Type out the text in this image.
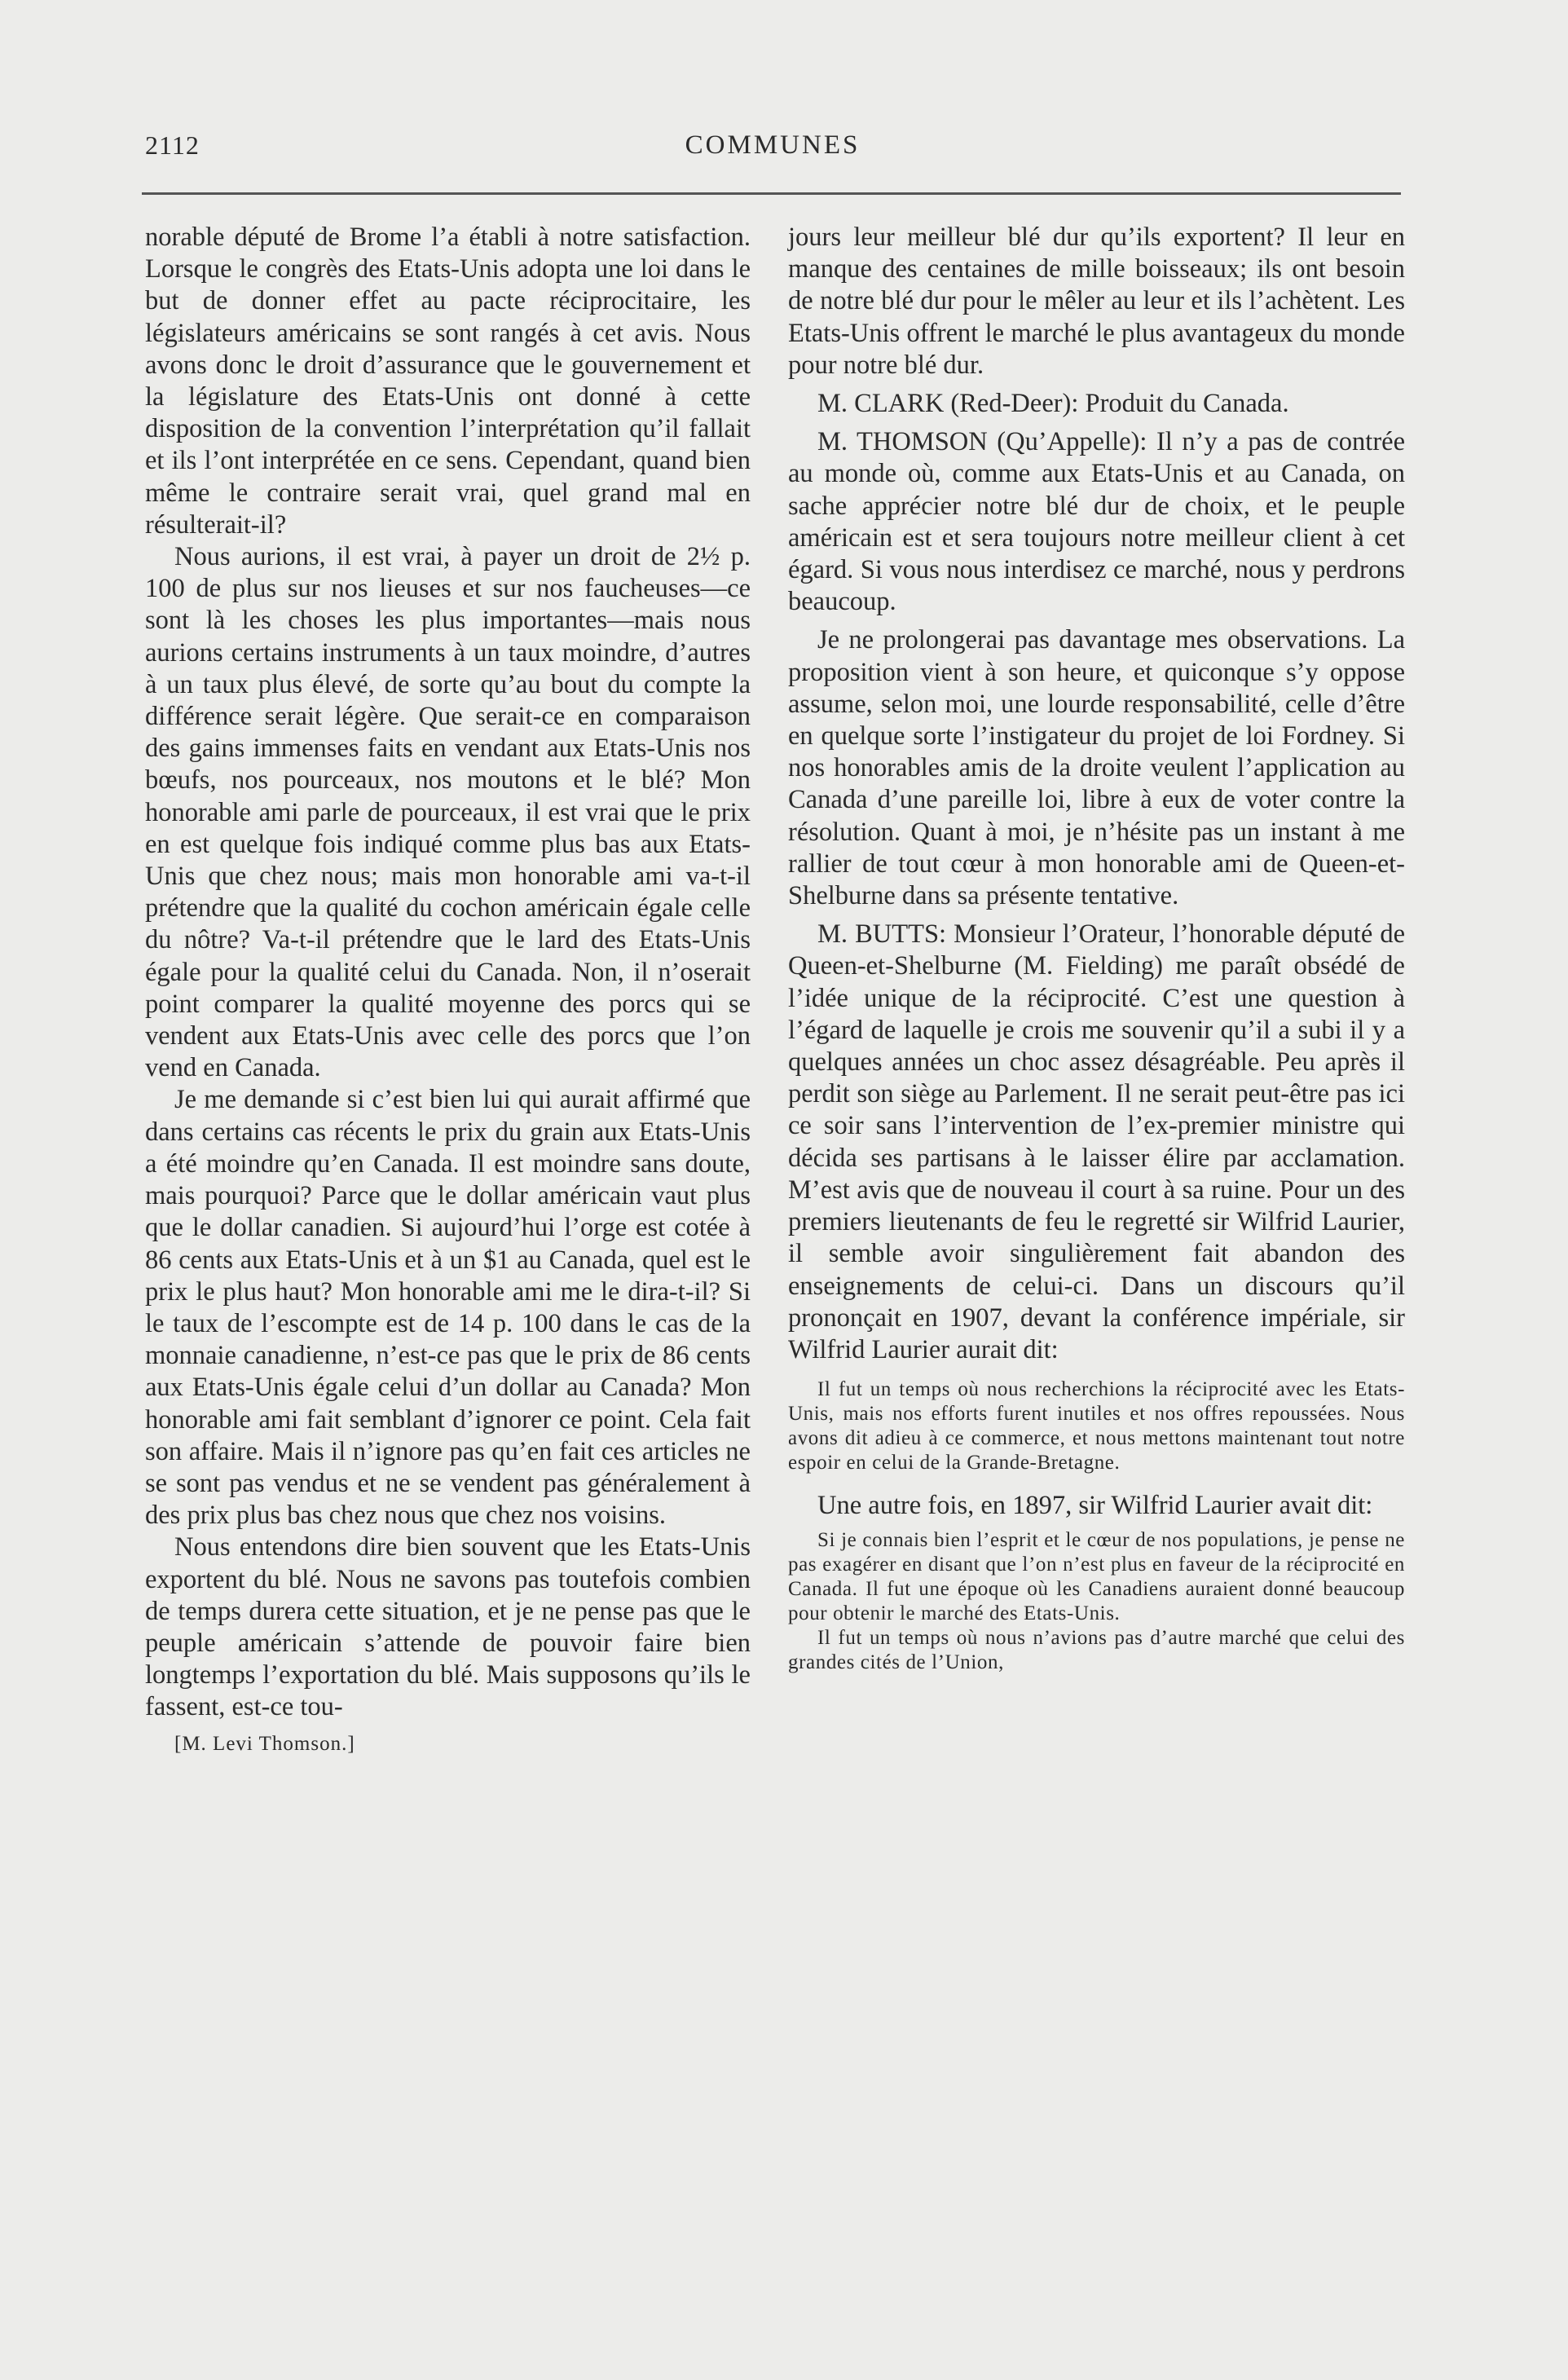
2112	COMMUNES

norable député de Brome l’a établi à notre satisfaction. Lorsque le congrès des Etats-Unis adopta une loi dans le but de donner effet au pacte réciprocitaire, les législateurs américains se sont rangés à cet avis. Nous avons donc le droit d’assurance que le gouvernement et la législature des Etats-Unis ont donné à cette disposition de la convention l’interprétation qu’il fallait et ils l’ont interprétée en ce sens. Cependant, quand bien même le contraire serait vrai, quel grand mal en résulterait-il?

Nous aurions, il est vrai, à payer un droit de 2½ p. 100 de plus sur nos lieuses et sur nos faucheuses—ce sont là les choses les plus importantes—mais nous aurions certains instruments à un taux moindre, d’autres à un taux plus élevé, de sorte qu’au bout du compte la différence serait légère. Que serait-ce en comparaison des gains immenses faits en vendant aux Etats-Unis nos bœufs, nos pourceaux, nos moutons et le blé? Mon honorable ami parle de pourceaux, il est vrai que le prix en est quelque fois indiqué comme plus bas aux Etats-Unis que chez nous; mais mon honorable ami va-t-il prétendre que la qualité du cochon américain égale celle du nôtre? Va-t-il prétendre que le lard des Etats-Unis égale pour la qualité celui du Canada. Non, il n’oserait point comparer la qualité moyenne des porcs qui se vendent aux Etats-Unis avec celle des porcs que l’on vend en Canada.

Je me demande si c’est bien lui qui aurait affirmé que dans certains cas récents le prix du grain aux Etats-Unis a été moindre qu’en Canada. Il est moindre sans doute, mais pourquoi? Parce que le dollar américain vaut plus que le dollar canadien. Si aujourd’hui l’orge est cotée à 86 cents aux Etats-Unis et à un $1 au Canada, quel est le prix le plus haut? Mon honorable ami me le dira-t-il? Si le taux de l’escompte est de 14 p. 100 dans le cas de la monnaie canadienne, n’est-ce pas que le prix de 86 cents aux Etats-Unis égale celui d’un dollar au Canada? Mon honorable ami fait semblant d’ignorer ce point. Cela fait son affaire. Mais il n’ignore pas qu’en fait ces articles ne se sont pas vendus et ne se vendent pas généralement à des prix plus bas chez nous que chez nos voisins.

Nous entendons dire bien souvent que les Etats-Unis exportent du blé. Nous ne savons pas toutefois combien de temps durera cette situation, et je ne pense pas que le peuple américain s’attende de pouvoir faire bien longtemps l’exportation du blé. Mais supposons qu’ils le fassent, est-ce tou-

[M. Levi Thomson.]

jours leur meilleur blé dur qu’ils exportent? Il leur en manque des centaines de mille boisseaux; ils ont besoin de notre blé dur pour le mêler au leur et ils l’achètent. Les Etats-Unis offrent le marché le plus avantageux du monde pour notre blé dur.

M. CLARK (Red-Deer): Produit du Canada.

M. THOMSON (Qu’Appelle): Il n’y a pas de contrée au monde où, comme aux Etats-Unis et au Canada, on sache apprécier notre blé dur de choix, et le peuple américain est et sera toujours notre meilleur client à cet égard. Si vous nous interdisez ce marché, nous y perdrons beaucoup.

Je ne prolongerai pas davantage mes observations. La proposition vient à son heure, et quiconque s’y oppose assume, selon moi, une lourde responsabilité, celle d’être en quelque sorte l’instigateur du projet de loi Fordney. Si nos honorables amis de la droite veulent l’application au Canada d’une pareille loi, libre à eux de voter contre la résolution. Quant à moi, je n’hésite pas un instant à me rallier de tout cœur à mon honorable ami de Queen-et-Shelburne dans sa présente tentative.

M. BUTTS: Monsieur l’Orateur, l’honorable député de Queen-et-Shelburne (M. Fielding) me paraît obsédé de l’idée unique de la réciprocité. C’est une question à l’égard de laquelle je crois me souvenir qu’il a subi il y a quelques années un choc assez désagréable. Peu après il perdit son siège au Parlement. Il ne serait peut-être pas ici ce soir sans l’intervention de l’ex-premier ministre qui décida ses partisans à le laisser élire par acclamation. M’est avis que de nouveau il court à sa ruine. Pour un des premiers lieutenants de feu le regretté sir Wilfrid Laurier, il semble avoir singulièrement fait abandon des enseignements de celui-ci. Dans un discours qu’il prononçait en 1907, devant la conférence impériale, sir Wilfrid Laurier aurait dit:

Il fut un temps où nous recherchions la réciprocité avec les Etats-Unis, mais nos efforts furent inutiles et nos offres repoussées. Nous avons dit adieu à ce commerce, et nous mettons maintenant tout notre espoir en celui de la Grande-Bretagne.

Une autre fois, en 1897, sir Wilfrid Laurier avait dit:

Si je connais bien l’esprit et le cœur de nos populations, je pense ne pas exagérer en disant que l’on n’est plus en faveur de la réciprocité en Canada. Il fut une époque où les Canadiens auraient donné beaucoup pour obtenir le marché des Etats-Unis.

Il fut un temps où nous n’avions pas d’autre marché que celui des grandes cités de l’Union,
